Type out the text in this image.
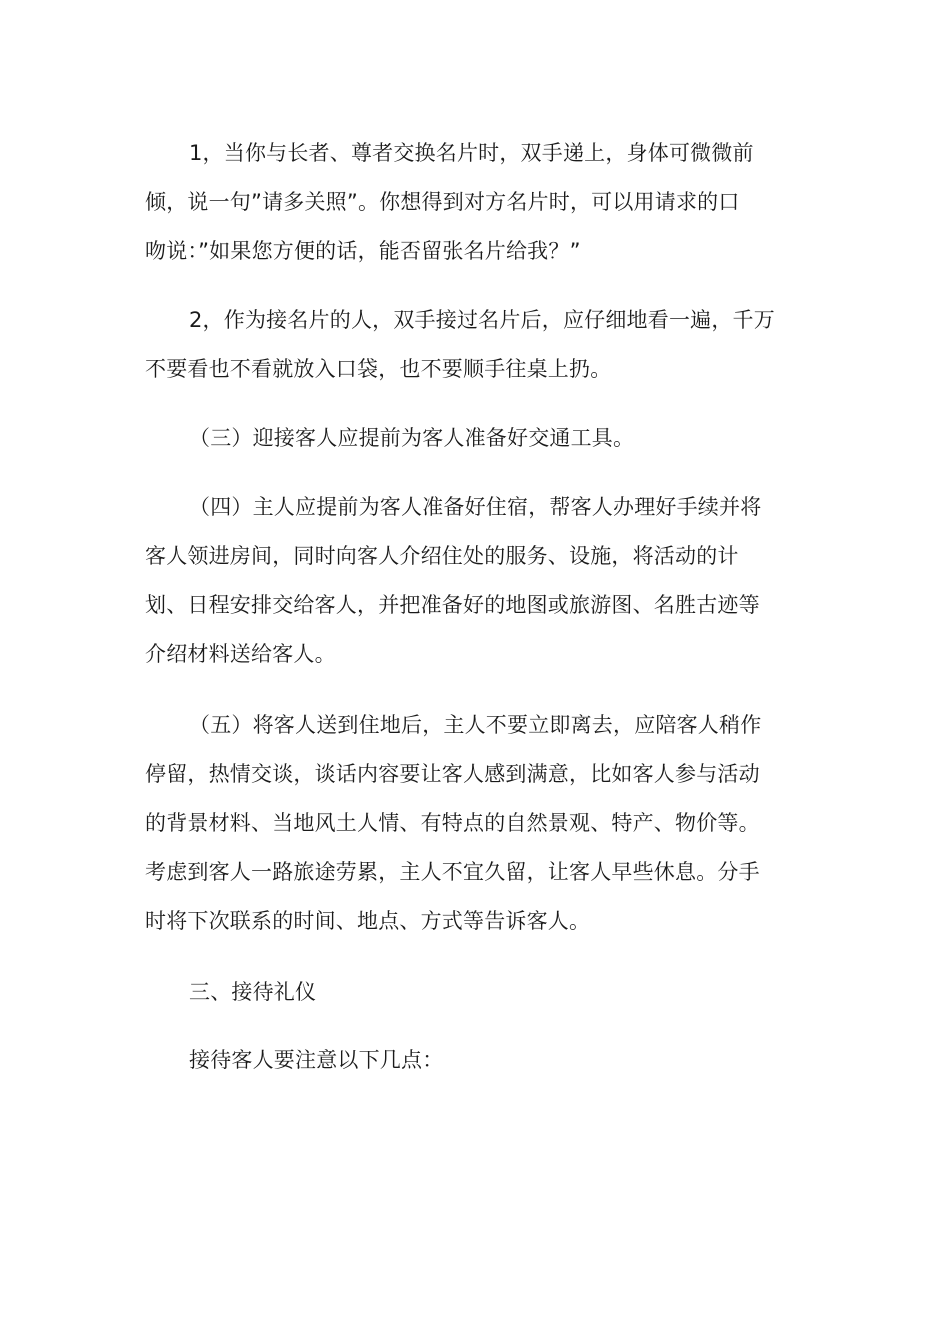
1，当你与长者、尊者交换名片时，双手递上，身体可微微前
倾，说一句”请多关照”。你想得到对方名片时，可以用请求的口
吻说：”如果您方便的话，能否留张名片给我？”
2，作为接名片的人，双手接过名片后，应仔细地看一遍，千万
不要看也不看就放入口袋，也不要顺手往桌上扔。
（三）迎接客人应提前为客人准备好交通工具。
（四）主人应提前为客人准备好住宿，帮客人办理好手续并将
客人领进房间，同时向客人介绍住处的服务、设施，将活动的计
划、日程安排交给客人，并把准备好的地图或旅游图、名胜古迹等
介绍材料送给客人。
（五）将客人送到住地后，主人不要立即离去，应陪客人稍作
停留，热情交谈，谈话内容要让客人感到满意，比如客人参与活动
的背景材料、当地风土人情、有特点的自然景观、特产、物价等。
考虑到客人一路旅途劳累，主人不宜久留，让客人早些休息。分手
时将下次联系的时间、地点、方式等告诉客人。
三、接待礼仪
接待客人要注意以下几点：
